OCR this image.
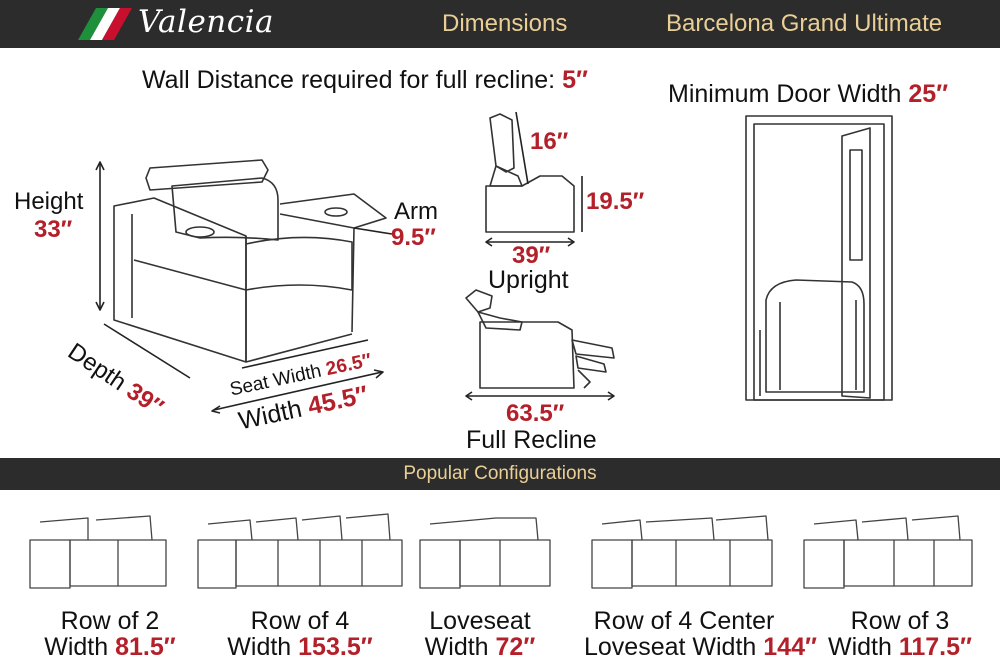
Valencia	Dimensions	Barcelona Grand Ultimate
Wall Distance required for full recline: 5″	Minimum Door Width 25″
Height
33″
Arm
9.5″
Depth 39″	Seat Width 26.5″
Width 45.5″
16″
19.5″
39″
Upright
63.5″
Full Recline
Popular Configurations
Row of 2
Width 81.5″
Row of 4
Width 153.5″
Loveseat
Width 72″
Row of 4 Center
Loveseat Width 144″
Row of 3
Width 117.5″
